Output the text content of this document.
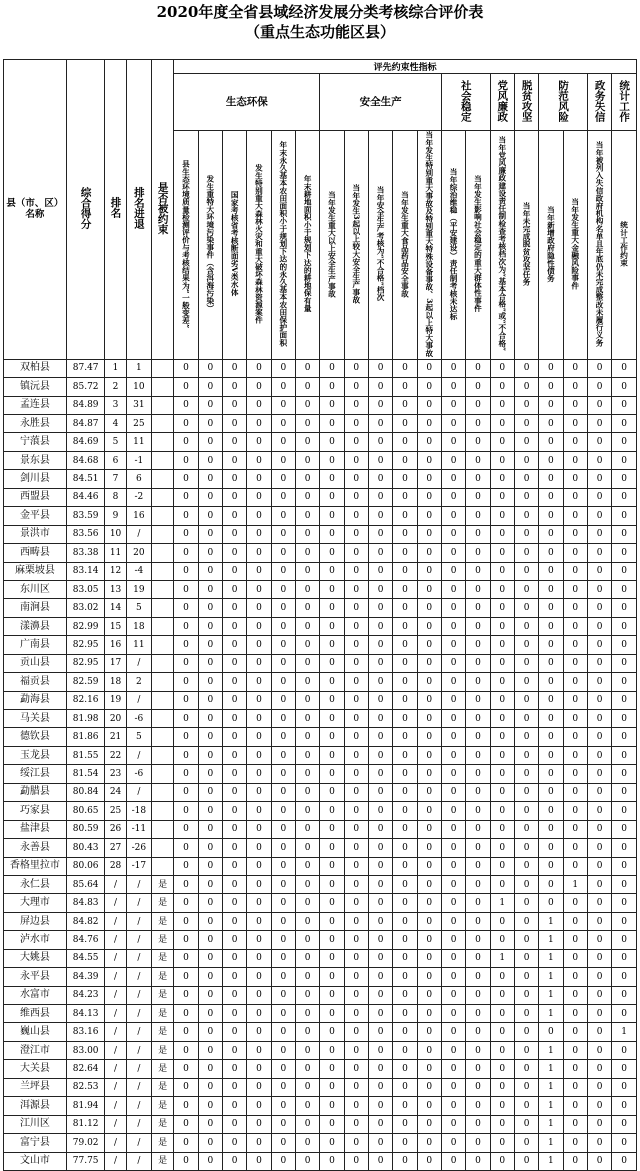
2020年度全省县域经济发展分类考核综合评价表
（重点生态功能区县）
县（市、区）名称	综合得分	排名	排名进退	是否被约束	评先约束性指标																		
					生态环保						安全生产					社会稳定		党风廉政	脱贫攻坚	防范风险		政务失信	统计工作
					县生态环境质量检测评价与考核结果为“一般变差”	发生重特大环境污染事件（含洱海污染）	国家考核省考核断面劣V类水体	发生特别重大森林火灾和重大破坏森林资源案件	年末永久基本农田面积小于规划下达的永久基本农田保护面积	年末耕地面积小于规划下达的耕地保有量	当年发生重大以上安全生产事故	当年发生3起以上较大安全生产事故	当年安全生产考核为“不合格”档次	当年发生重大食品药品安全事故	当年发生特别重大事故及特别重大特殊设备事故、3起以上特大事故	当年综治维稳（平安建设）责任制考核未达标	当年发生影响社会稳定的重大群体性事件	当年党风廉政建设责任制检查考核档次为“基本合格”或“不合格”	当年未完成脱贫攻坚任务	当年新增政府隐性债务	当年发生重大金融风险事件	当年被列入失信政府机构名单且年底仍未完成整改未履行义务	统计工作约束
双柏县	87.47	1	1		0	0	0	0	0	0	0	0	0	0	0	0	0	0	0	0	0	0	0
镇沅县	85.72	2	10		0	0	0	0	0	0	0	0	0	0	0	0	0	0	0	0	0	0	0
孟连县	84.89	3	31		0	0	0	0	0	0	0	0	0	0	0	0	0	0	0	0	0	0	0
永胜县	84.87	4	25		0	0	0	0	0	0	0	0	0	0	0	0	0	0	0	0	0	0	0
宁蒗县	84.69	5	11		0	0	0	0	0	0	0	0	0	0	0	0	0	0	0	0	0	0	0
景东县	84.68	6	-1		0	0	0	0	0	0	0	0	0	0	0	0	0	0	0	0	0	0	0
剑川县	84.51	7	6		0	0	0	0	0	0	0	0	0	0	0	0	0	0	0	0	0	0	0
西盟县	84.46	8	-2		0	0	0	0	0	0	0	0	0	0	0	0	0	0	0	0	0	0	0
金平县	83.59	9	16		0	0	0	0	0	0	0	0	0	0	0	0	0	0	0	0	0	0	0
景洪市	83.56	10	/		0	0	0	0	0	0	0	0	0	0	0	0	0	0	0	0	0	0	0
西畴县	83.38	11	20		0	0	0	0	0	0	0	0	0	0	0	0	0	0	0	0	0	0	0
麻栗坡县	83.14	12	-4		0	0	0	0	0	0	0	0	0	0	0	0	0	0	0	0	0	0	0
东川区	83.05	13	19		0	0	0	0	0	0	0	0	0	0	0	0	0	0	0	0	0	0	0
南涧县	83.02	14	5		0	0	0	0	0	0	0	0	0	0	0	0	0	0	0	0	0	0	0
漾濞县	82.99	15	18		0	0	0	0	0	0	0	0	0	0	0	0	0	0	0	0	0	0	0
广南县	82.95	16	11		0	0	0	0	0	0	0	0	0	0	0	0	0	0	0	0	0	0	0
贡山县	82.95	17	/		0	0	0	0	0	0	0	0	0	0	0	0	0	0	0	0	0	0	0
福贡县	82.59	18	2		0	0	0	0	0	0	0	0	0	0	0	0	0	0	0	0	0	0	0
勐海县	82.16	19	/		0	0	0	0	0	0	0	0	0	0	0	0	0	0	0	0	0	0	0
马关县	81.98	20	-6		0	0	0	0	0	0	0	0	0	0	0	0	0	0	0	0	0	0	0
德钦县	81.86	21	5		0	0	0	0	0	0	0	0	0	0	0	0	0	0	0	0	0	0	0
玉龙县	81.55	22	/		0	0	0	0	0	0	0	0	0	0	0	0	0	0	0	0	0	0	0
绥江县	81.54	23	-6		0	0	0	0	0	0	0	0	0	0	0	0	0	0	0	0	0	0	0
勐腊县	80.84	24	/		0	0	0	0	0	0	0	0	0	0	0	0	0	0	0	0	0	0	0
巧家县	80.65	25	-18		0	0	0	0	0	0	0	0	0	0	0	0	0	0	0	0	0	0	0
盐津县	80.59	26	-11		0	0	0	0	0	0	0	0	0	0	0	0	0	0	0	0	0	0	0
永善县	80.43	27	-26		0	0	0	0	0	0	0	0	0	0	0	0	0	0	0	0	0	0	0
香格里拉市	80.06	28	-17		0	0	0	0	0	0	0	0	0	0	0	0	0	0	0	0	0	0	0
永仁县	85.64	/	/	是	0	0	0	0	0	0	0	0	0	0	0	0	0	0	0	0	1	0	0
大理市	84.83	/	/	是	0	0	0	0	0	0	0	0	0	0	0	0	0	1	0	0	0	0	0
屏边县	84.82	/	/	是	0	0	0	0	0	0	0	0	0	0	0	0	0	0	0	1	0	0	0
泸水市	84.76	/	/	是	0	0	0	0	0	0	0	0	0	0	0	0	0	0	0	1	0	0	0
大姚县	84.55	/	/	是	0	0	0	0	0	0	0	0	0	0	0	0	0	1	0	1	0	0	0
永平县	84.39	/	/	是	0	0	0	0	0	0	0	0	0	0	0	0	0	0	0	1	0	0	0
水富市	84.23	/	/	是	0	0	0	0	0	0	0	0	0	0	0	0	0	0	0	1	0	0	0
维西县	84.13	/	/	是	0	0	0	0	0	0	0	0	0	0	0	0	0	0	0	1	0	0	0
巍山县	83.16	/	/	是	0	0	0	0	0	0	0	0	0	0	0	0	0	0	0	0	0	0	1
澄江市	83.00	/	/	是	0	0	0	0	0	0	0	0	0	0	0	0	0	0	0	1	0	0	0
大关县	82.64	/	/	是	0	0	0	0	0	0	0	0	0	0	0	0	0	0	0	1	0	0	0
兰坪县	82.53	/	/	是	0	0	0	0	0	0	0	0	0	0	0	0	0	0	0	1	0	0	0
洱源县	81.94	/	/	是	0	0	0	0	0	0	0	0	0	0	0	0	0	0	0	1	0	0	0
江川区	81.12	/	/	是	0	0	0	0	0	0	0	0	0	0	0	0	0	0	0	1	0	0	0
富宁县	79.02	/	/	是	0	0	0	0	0	0	0	0	0	0	0	0	0	0	0	1	0	0	0
文山市	77.75	/	/	是	0	0	0	0	0	0	0	0	0	0	0	0	0	0	0	1	0	0	0
